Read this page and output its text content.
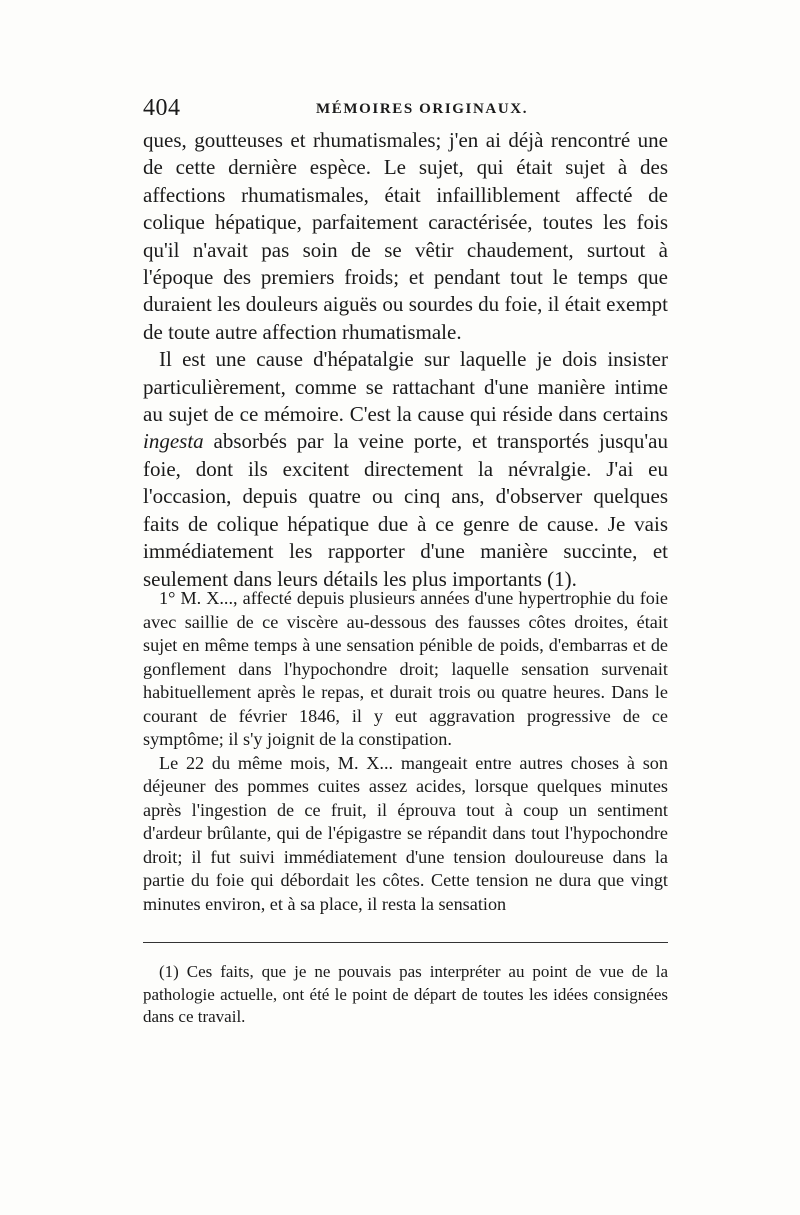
404	MÉMOIRES ORIGINAUX.

ques, goutteuses et rhumatismales; j'en ai déjà rencontré une de cette dernière espèce. Le sujet, qui était sujet à des affections rhumatismales, était infailliblement affecté de colique hépatique, parfaitement caractérisée, toutes les fois qu'il n'avait pas soin de se vêtir chaudement, surtout à l'époque des premiers froids; et pendant tout le temps que duraient les douleurs aiguës ou sourdes du foie, il était exempt de toute autre affection rhumatismale.

Il est une cause d'hépatalgie sur laquelle je dois insister particulièrement, comme se rattachant d'une manière intime au sujet de ce mémoire. C'est la cause qui réside dans certains ingesta absorbés par la veine porte, et transportés jusqu'au foie, dont ils excitent directement la névralgie. J'ai eu l'occasion, depuis quatre ou cinq ans, d'observer quelques faits de colique hépatique due à ce genre de cause. Je vais immédiatement les rapporter d'une manière succinte, et seulement dans leurs détails les plus importants (1).

1° M. X..., affecté depuis plusieurs années d'une hypertrophie du foie avec saillie de ce viscère au-dessous des fausses côtes droites, était sujet en même temps à une sensation pénible de poids, d'embarras et de gonflement dans l'hypochondre droit; laquelle sensation survenait habituellement après le repas, et durait trois ou quatre heures. Dans le courant de février 1846, il y eut aggravation progressive de ce symptôme; il s'y joignit de la constipation.

Le 22 du même mois, M. X... mangeait entre autres choses à son déjeuner des pommes cuites assez acides, lorsque quelques minutes après l'ingestion de ce fruit, il éprouva tout à coup un sentiment d'ardeur brûlante, qui de l'épigastre se répandit dans tout l'hypochondre droit; il fut suivi immédiatement d'une tension douloureuse dans la partie du foie qui débordait les côtes. Cette tension ne dura que vingt minutes environ, et à sa place, il resta la sensation

(1) Ces faits, que je ne pouvais pas interpréter au point de vue de la pathologie actuelle, ont été le point de départ de toutes les idées consignées dans ce travail.
